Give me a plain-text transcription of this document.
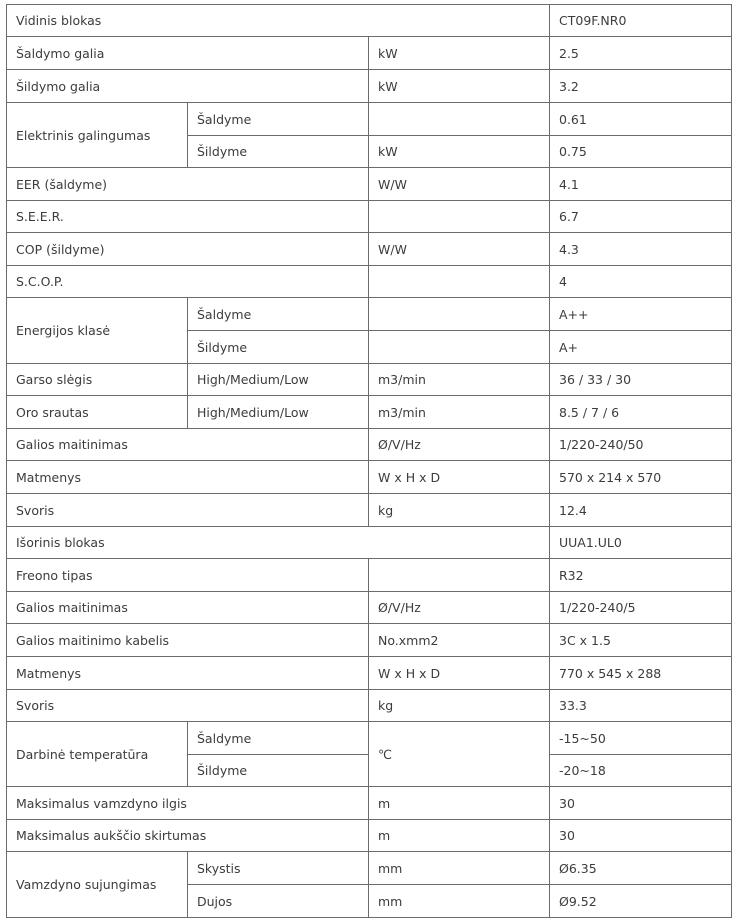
Vidinis blokas			CT09F.NR0
Šaldymo galia		kW	2.5
Šildymo galia		kW	3.2
Elektrinis galingumas	Šaldyme		0.61
	Šildyme	kW	0.75
EER (šaldyme)		W/W	4.1
S.E.E.R.			6.7
COP (šildyme)		W/W	4.3
S.C.O.P.			4
Energijos klasė	Šaldyme		A++
	Šildyme		A+
Garso slėgis	High/Medium/Low	m3/min	36 / 33 / 30
Oro srautas	High/Medium/Low	m3/min	8.5 / 7 / 6
Galios maitinimas		Ø/V/Hz	1/220-240/50
Matmenys		W x H x D	570 x 214 x 570
Svoris		kg	12.4
Išorinis blokas			UUA1.UL0
Freono tipas			R32
Galios maitinimas		Ø/V/Hz	1/220-240/5
Galios maitinimo kabelis		No.xmm2	3C x 1.5
Matmenys		W x H x D	770 x 545 x 288
Svoris		kg	33.3
Darbinė temperatūra	Šaldyme	℃	-15~50
	Šildyme		-20~18
Maksimalus vamzdyno ilgis		m	30
Maksimalus aukščio skirtumas		m	30
Vamzdyno sujungimas	Skystis	mm	Ø6.35
	Dujos	mm	Ø9.52
